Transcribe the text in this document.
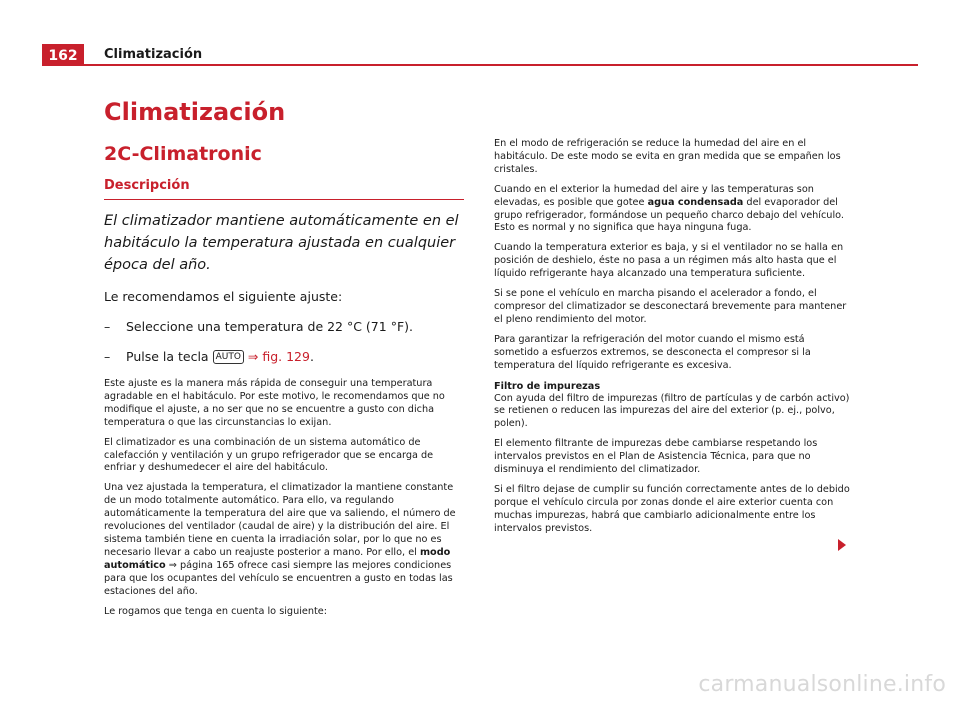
162	Climatización
Climatización
2C-Climatronic
Descripción
El climatizador mantiene automáticamente en el habitáculo la temperatura ajustada en cualquier época del año.
Le recomendamos el siguiente ajuste:
– Seleccione una temperatura de 22 °C (71 °F).
– Pulse la tecla AUTO ⇒ fig. 129.

Este ajuste es la manera más rápida de conseguir una temperatura agradable en el habitáculo. Por este motivo, le recomendamos que no modifique el ajuste, a no ser que no se encuentre a gusto con dicha temperatura o que las circunstancias lo exijan.

El climatizador es una combinación de un sistema automático de calefacción y ventilación y un grupo refrigerador que se encarga de enfriar y deshumedecer el aire del habitáculo.

Una vez ajustada la temperatura, el climatizador la mantiene constante de un modo totalmente automático. Para ello, va regulando automáticamente la temperatura del aire que va saliendo, el número de revoluciones del ventilador (caudal de aire) y la distribución del aire. El sistema también tiene en cuenta la irradiación solar, por lo que no es necesario llevar a cabo un reajuste posterior a mano. Por ello, el modo automático ⇒ página 165 ofrece casi siempre las mejores condiciones para que los ocupantes del vehículo se encuentren a gusto en todas las estaciones del año.

Le rogamos que tenga en cuenta lo siguiente:

En el modo de refrigeración se reduce la humedad del aire en el habitáculo. De este modo se evita en gran medida que se empañen los cristales.

Cuando en el exterior la humedad del aire y las temperaturas son elevadas, es posible que gotee agua condensada del evaporador del grupo refrigerador, formándose un pequeño charco debajo del vehículo. Esto es normal y no significa que haya ninguna fuga.

Cuando la temperatura exterior es baja, y si el ventilador no se halla en posición de deshielo, éste no pasa a un régimen más alto hasta que el líquido refrigerante haya alcanzado una temperatura suficiente.

Si se pone el vehículo en marcha pisando el acelerador a fondo, el compresor del climatizador se desconectará brevemente para mantener el pleno rendimiento del motor.

Para garantizar la refrigeración del motor cuando el mismo está sometido a esfuerzos extremos, se desconecta el compresor si la temperatura del líquido refrigerante es excesiva.

Filtro de impurezas

Con ayuda del filtro de impurezas (filtro de partículas y de carbón activo) se retienen o reducen las impurezas del aire del exterior (p. ej., polvo, polen).

El elemento filtrante de impurezas debe cambiarse respetando los intervalos previstos en el Plan de Asistencia Técnica, para que no disminuya el rendimiento del climatizador.

Si el filtro dejase de cumplir su función correctamente antes de lo debido porque el vehículo circula por zonas donde el aire exterior cuenta con muchas impurezas, habrá que cambiarlo adicionalmente entre los intervalos previstos.

carmanualsonline.info
